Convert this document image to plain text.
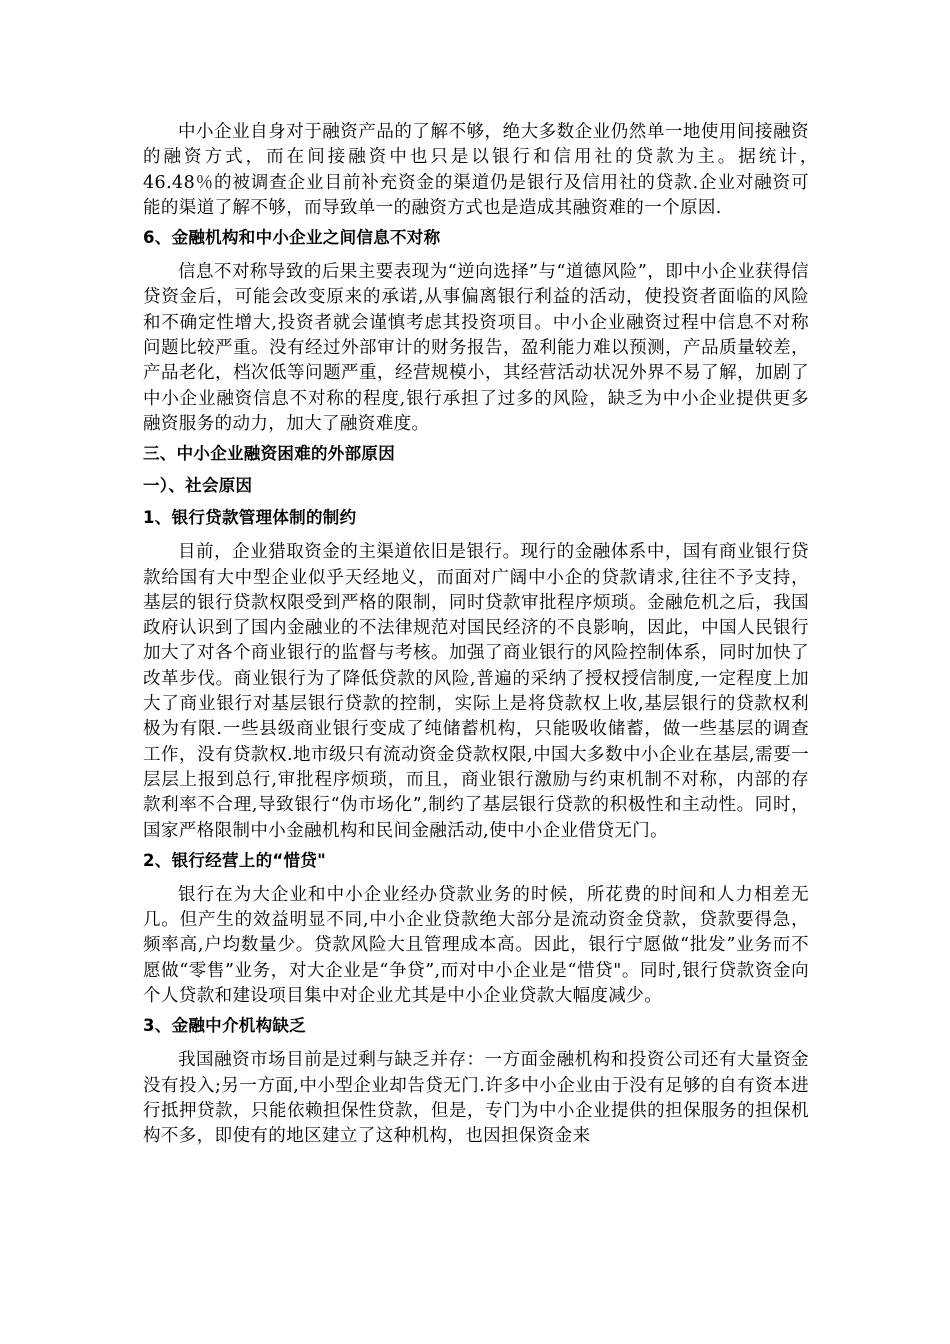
中小企业自身对于融资产品的了解不够，绝大多数企业仍然单一地使用间接融资的融资方式，而在间接融资中也只是以银行和信用社的贷款为主。据统计，　46.48％的被调查企业目前补充资金的渠道仍是银行及信用社的贷款.企业对融资可能的渠道了解不够，而导致单一的融资方式也是造成其融资难的一个原因.

6、金融机构和中小企业之间信息不对称

信息不对称导致的后果主要表现为“逆向选择”与“道德风险”，即中小企业获得信贷资金后，可能会改变原来的承诺,从事偏离银行利益的活动，使投资者面临的风险和不确定性增大,投资者就会谨慎考虑其投资项目。中小企业融资过程中信息不对称问题比较严重。没有经过外部审计的财务报告，盈利能力难以预测，产品质量较差，产品老化，档次低等问题严重，经营规模小，其经营活动状况外界不易了解，加剧了中小企业融资信息不对称的程度,银行承担了过多的风险，缺乏为中小企业提供更多融资服务的动力，加大了融资难度。

三、中小企业融资困难的外部原因

一）、社会原因

1、银行贷款管理体制的制约

目前，企业猎取资金的主渠道依旧是银行。现行的金融体系中，国有商业银行贷款给国有大中型企业似乎天经地义，而面对广阔中小企的贷款请求,往往不予支持，基层的银行贷款权限受到严格的限制，同时贷款审批程序烦琐。金融危机之后，我国政府认识到了国内金融业的不法律规范对国民经济的不良影响，因此，中国人民银行加大了对各个商业银行的监督与考核。加强了商业银行的风险控制体系，同时加快了改革步伐。商业银行为了降低贷款的风险,普遍的采纳了授权授信制度,一定程度上加大了商业银行对基层银行贷款的控制，实际上是将贷款权上收,基层银行的贷款权利极为有限.一些县级商业银行变成了纯储蓄机构，只能吸收储蓄，做一些基层的调查工作，没有贷款权.地市级只有流动资金贷款权限,中国大多数中小企业在基层,需要一层层上报到总行,审批程序烦琐，而且，商业银行激励与约束机制不对称，内部的存款利率不合理,导致银行“伪市场化”,制约了基层银行贷款的积极性和主动性。同时，国家严格限制中小金融机构和民间金融活动,使中小企业借贷无门。

2、银行经营上的“惜贷"

银行在为大企业和中小企业经办贷款业务的时候，所花费的时间和人力相差无几。但产生的效益明显不同,中小企业贷款绝大部分是流动资金贷款，贷款要得急，频率高,户均数量少。贷款风险大且管理成本高。因此，银行宁愿做“批发”业务而不愿做“零售”业务，对大企业是“争贷”,而对中小企业是“惜贷"。同时,银行贷款资金向个人贷款和建设项目集中对企业尤其是中小企业贷款大幅度减少。

3、金融中介机构缺乏

我国融资市场目前是过剩与缺乏并存：一方面金融机构和投资公司还有大量资金没有投入;另一方面,中小型企业却告贷无门.许多中小企业由于没有足够的自有资本进行抵押贷款，只能依赖担保性贷款，但是，专门为中小企业提供的担保服务的担保机构不多，即使有的地区建立了这种机构，也因担保资金来
